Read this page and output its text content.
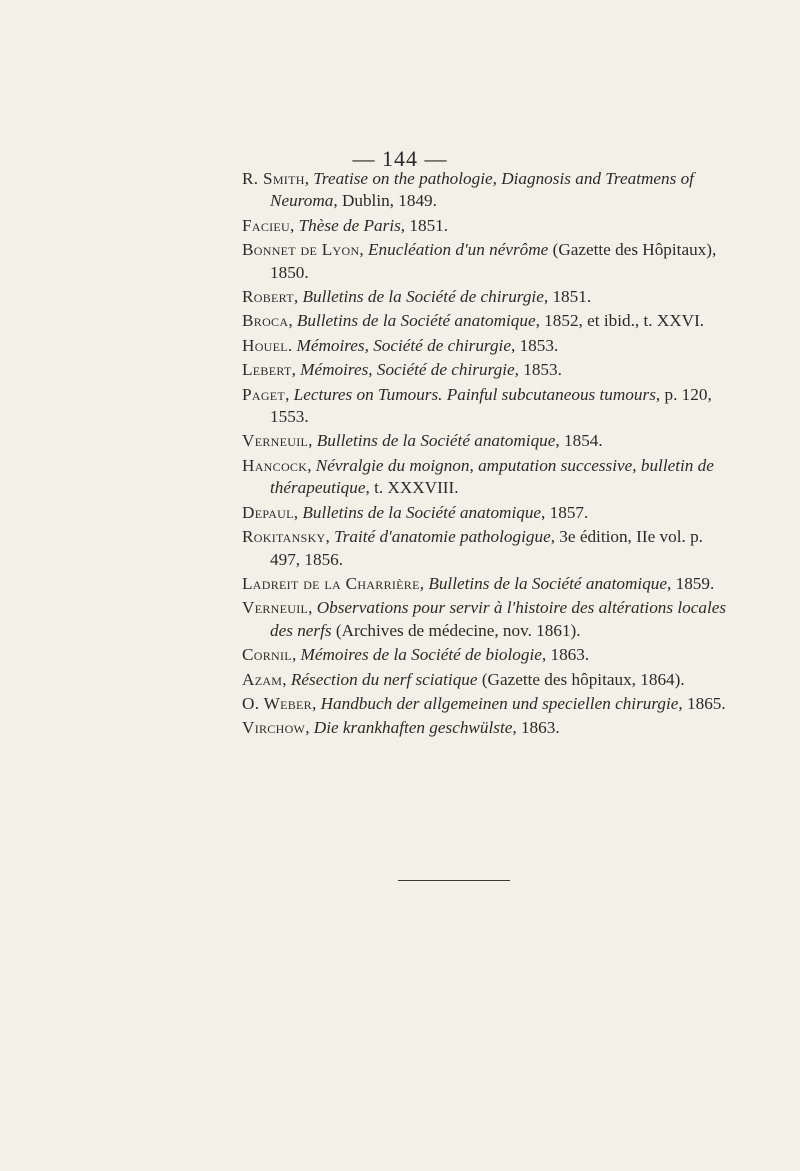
— 144 —

R. Smith, Treatise on the pathologie, Diagnosis and Treatmens of Neuroma, Dublin, 1849.

Facieu, Thèse de Paris, 1851.

Bonnet de Lyon, Enucléation d'un névrôme (Gazette des Hôpitaux), 1850.

Robert, Bulletins de la Société de chirurgie, 1851.

Broca, Bulletins de la Société anatomique, 1852, et ibid., t. XXVI.

Houel. Mémoires, Société de chirurgie, 1853.

Lebert, Mémoires, Société de chirurgie, 1853.

Paget, Lectures on Tumours. Painful subcutaneous tumours, p. 120, 1553.

Verneuil, Bulletins de la Société anatomique, 1854.

Hancock, Névralgie du moignon, amputation successive, bulletin de thérapeutique, t. XXXVIII.

Depaul, Bulletins de la Société anatomique, 1857.

Rokitansky, Traité d'anatomie pathologigue, 3e édition, IIe vol. p. 497, 1856.

Ladreit de la Charrière, Bulletins de la Société anatomique, 1859.

Verneuil, Observations pour servir à l'histoire des altérations locales des nerfs (Archives de médecine, nov. 1861).

Cornil, Mémoires de la Société de biologie, 1863.

Azam, Résection du nerf sciatique (Gazette des hôpitaux, 1864).

O. Weber, Handbuch der allgemeinen und speciellen chirurgie, 1865.

Virchow, Die krankhaften geschwülste, 1863.
